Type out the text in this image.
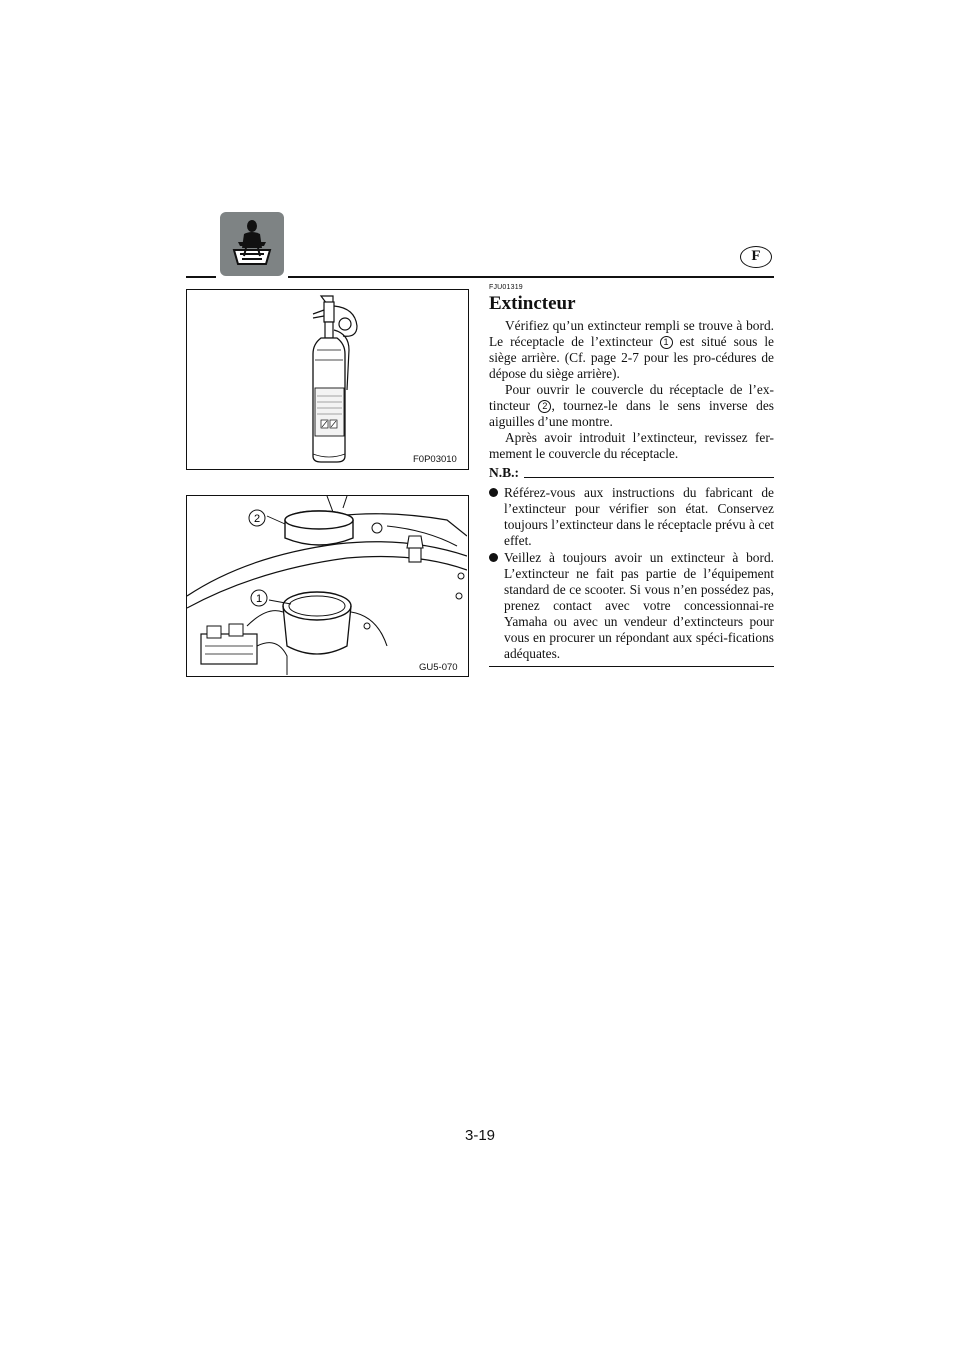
F
F0P03010
2
1
GU5-070

FJU01319

Extincteur

Vérifiez qu’un extincteur rempli se trouve à bord. Le réceptacle de l’extincteur 1 est situé sous le siège arrière. (Cf. page 2-7 pour les pro-cédures de dépose du siège arrière).

Pour ouvrir le couvercle du réceptacle de l’ex-tincteur 2 , tournez-le dans le sens inverse des aiguilles d’une montre.

Après avoir introduit l’extincteur, revissez fer-mement le couvercle du réceptacle.

N.B.:
Référez-vous aux instructions du fabricant de l’extincteur pour vérifier son état. Conservez toujours l’extincteur dans le réceptacle prévu à cet effet.
Veillez à toujours avoir un extincteur à bord. L’extincteur ne fait pas partie de l’équipement standard de ce scooter. Si vous n’en possédez pas, prenez contact avec votre concessionnai-re Yamaha ou avec un vendeur d’extincteurs pour vous en procurer un répondant aux spéci-fications adéquates.
3-19
